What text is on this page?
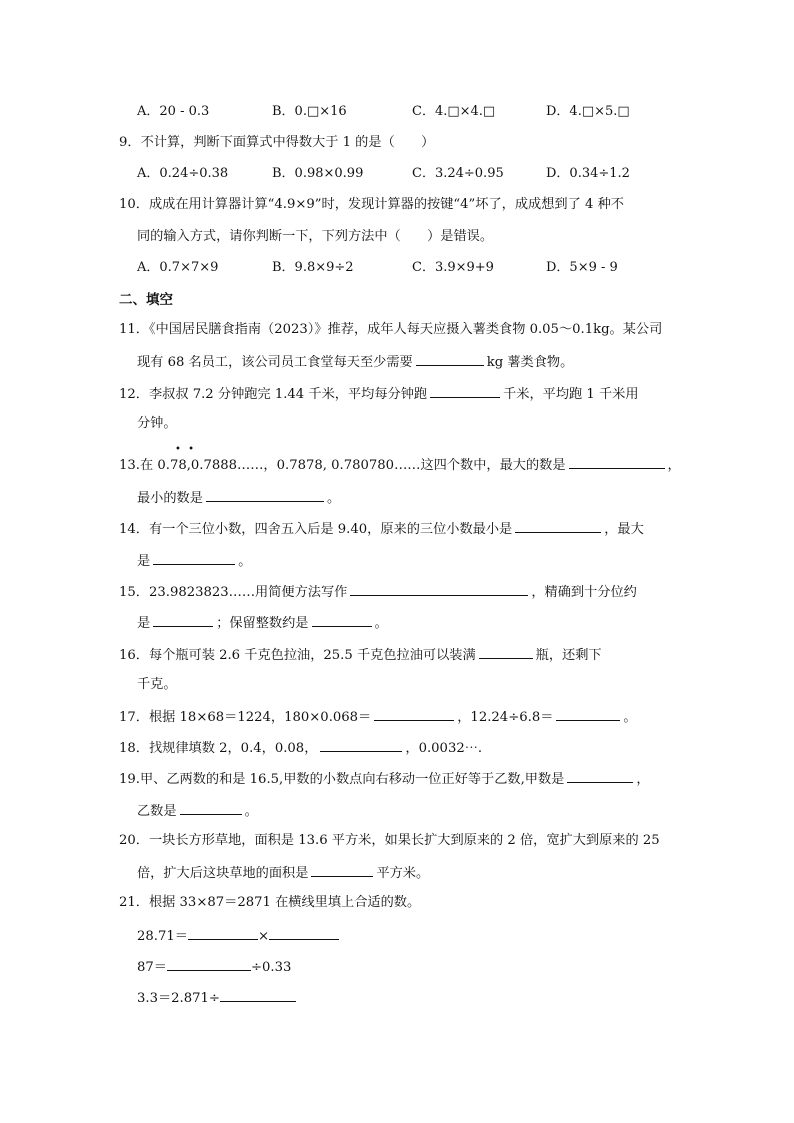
A．20 - 0.3	B．0.□×16	C．4.□×4.□	D．4.□×5.□
9．不计算，判断下面算式中得数大于 1 的是（　　）
A．0.24÷0.38	B．0.98×0.99	C．3.24÷0.95	D．0.34÷1.2
10．成成在用计算器计算“4.9×9”时，发现计算器的按键“4”坏了，成成想到了 4 种不
同的输入方式，请你判断一下，下列方法中（　　）是错误。
A．0.7×7×9	B．9.8×9÷2	C．3.9×9+9	D．5×9 - 9
二、填空
11．《中国居民膳食指南（2023）》推荐，成年人每天应摄入薯类食物 0.05～0.1kg。某公司
现有 68 名员工，该公司员工食堂每天至少需要	kg 薯类食物。
12．李叔叔 7.2 分钟跑完 1.44 千米，平均每分钟跑	千米，平均跑 1 千米用
分钟。
• •
13.在 0.78,0.7888……，0.7878, 0.780780……这四个数中，最大的数是	，
最小的数是	。
14．有一个三位小数，四舍五入后是 9.40，原来的三位小数最小是	，最大
是	。
15．23.9823823……用简便方法写作	，精确到十分位约
是	；保留整数约是	。
16．每个瓶可装 2.6 千克色拉油，25.5 千克色拉油可以装满	瓶，还剩下
千克。
17．根据 18×68＝1224，180×0.068＝	，12.24÷6.8＝	。
18．找规律填数 2，0.4，0.08，	，0.0032⋯.
19.甲、乙两数的和是 16.5,甲数的小数点向右移动一位正好等于乙数,甲数是	，
乙数是	。
20．一块长方形草地，面积是 13.6 平方米，如果长扩大到原来的 2 倍，宽扩大到原来的 25
倍，扩大后这块草地的面积是	平方米。
21．根据 33×87＝2871 在横线里填上合适的数。
28.71＝	×
87＝	÷0.33
3.3＝2.871÷
